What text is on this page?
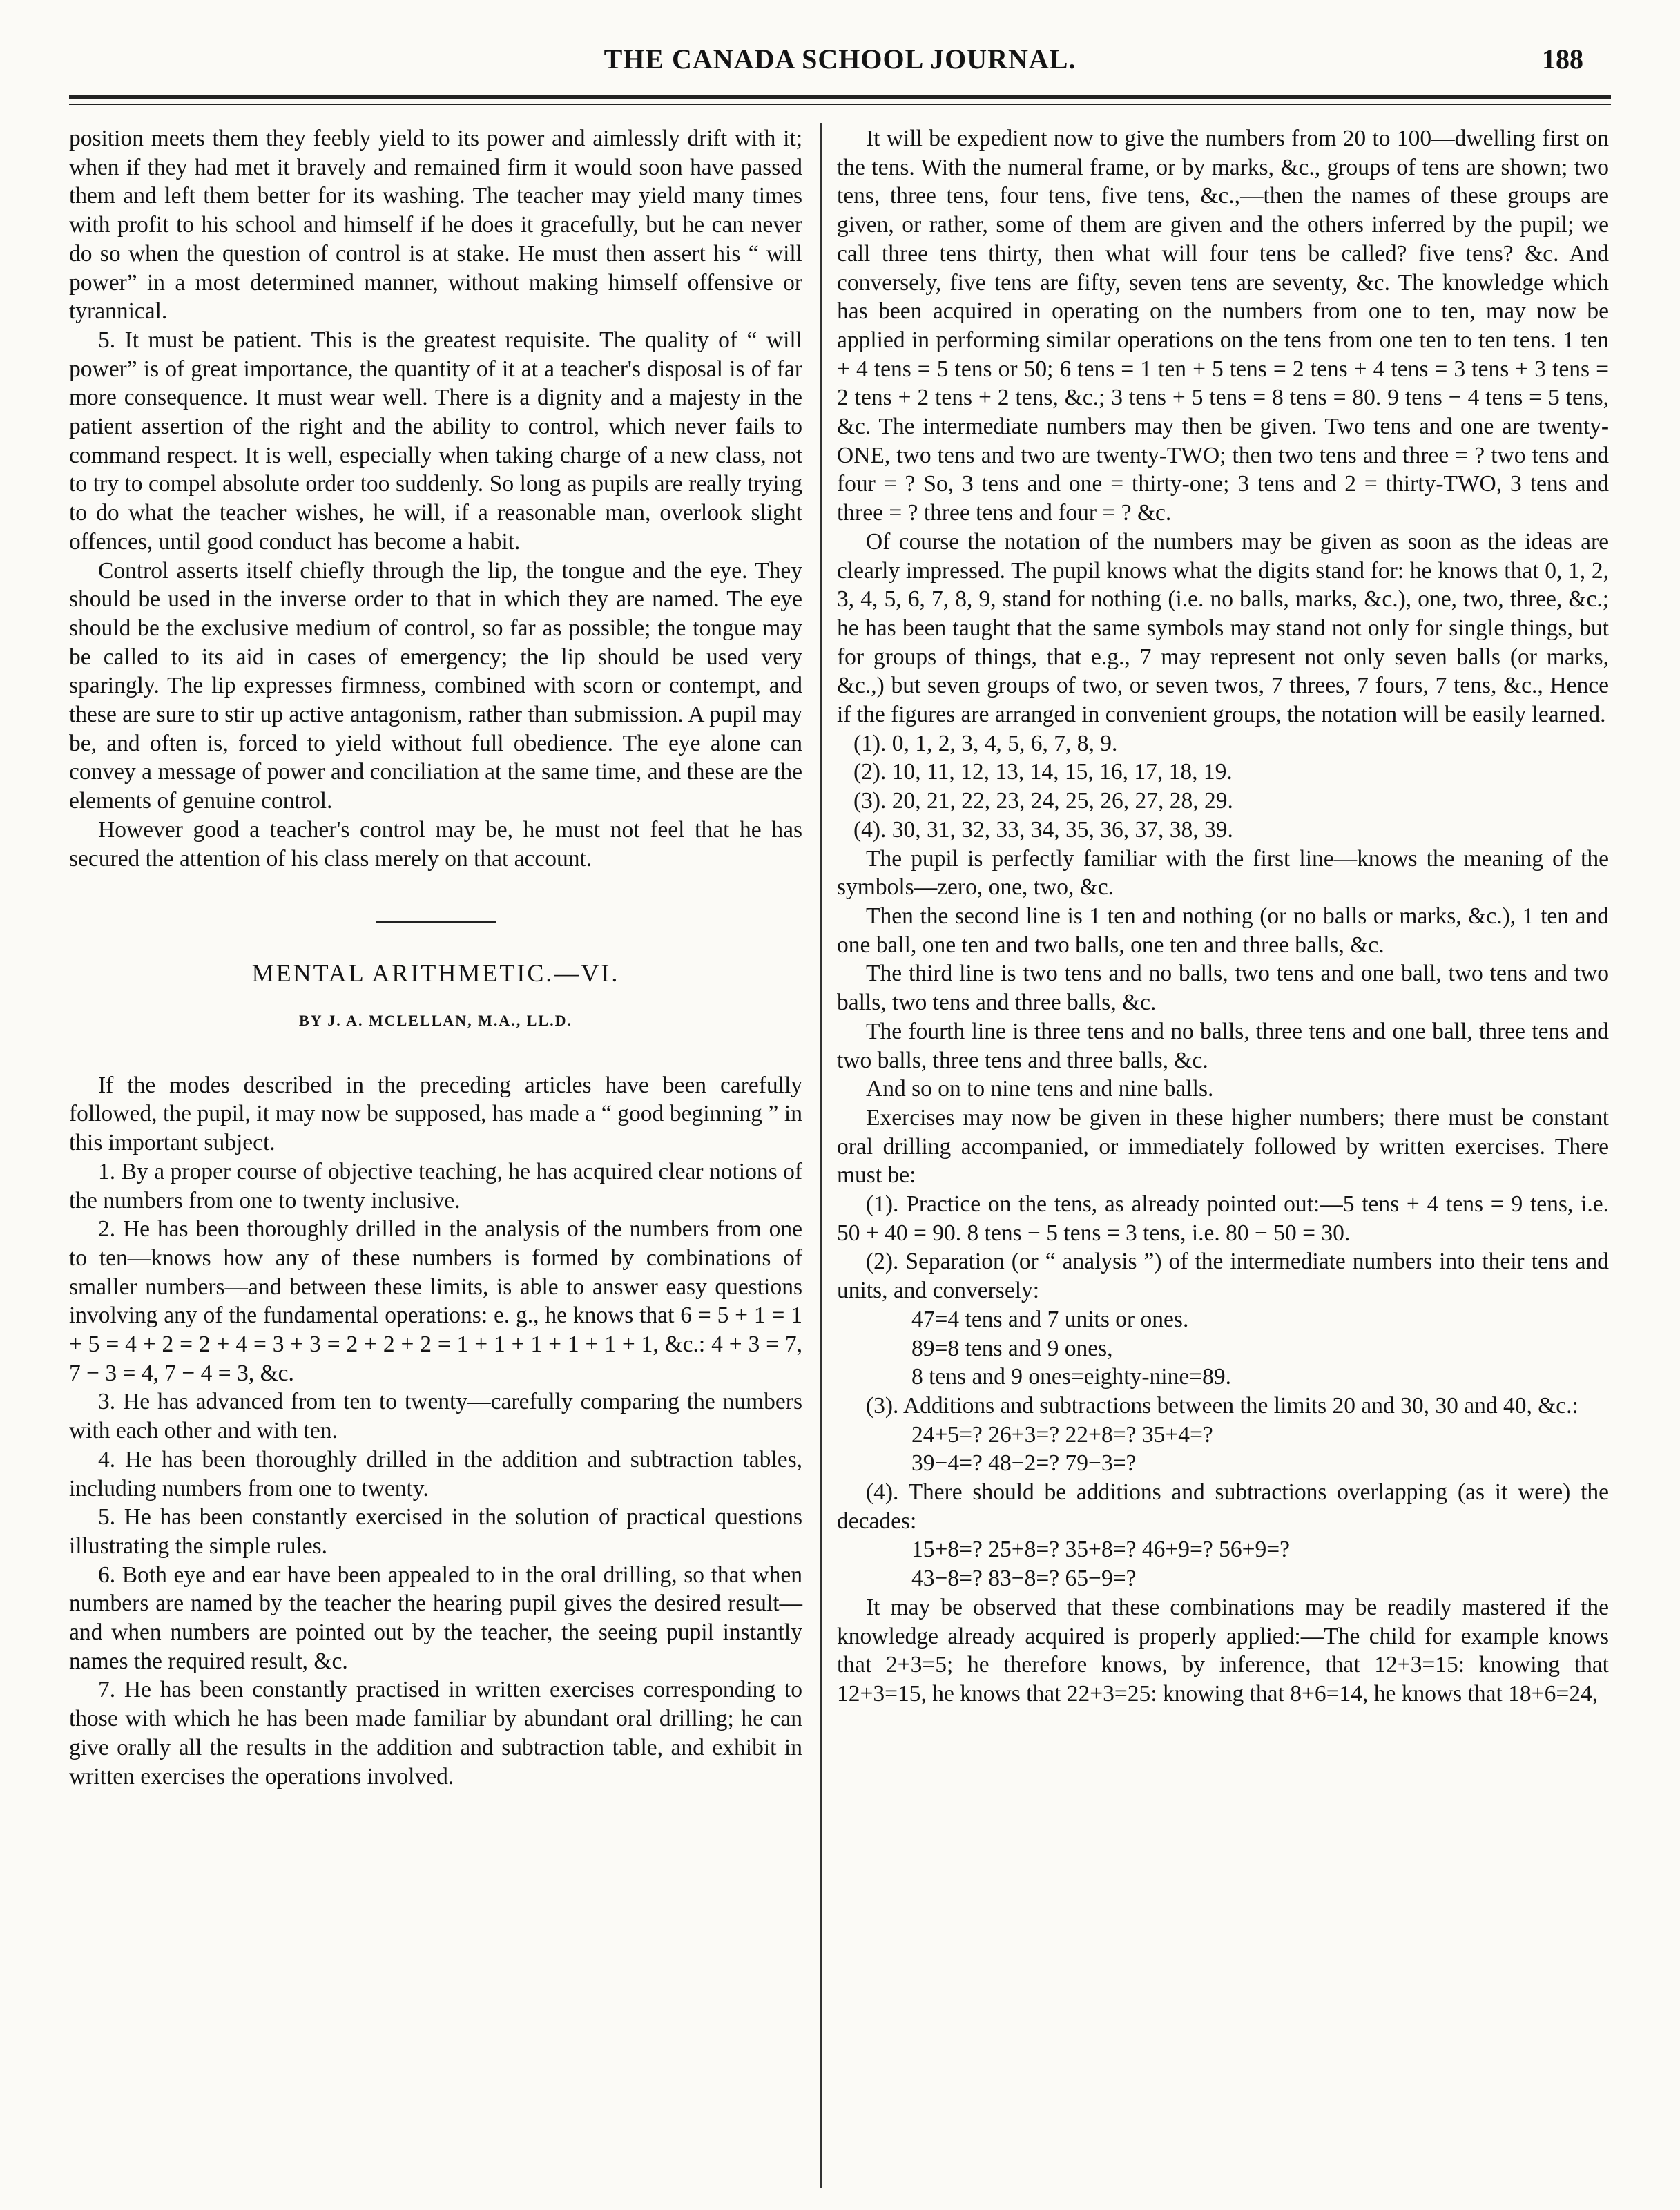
THE CANADA SCHOOL JOURNAL.	188

position meets them they feebly yield to its power and aimlessly drift with it; when if they had met it bravely and remained firm it would soon have passed them and left them better for its washing. The teacher may yield many times with profit to his school and himself if he does it gracefully, but he can never do so when the question of control is at stake. He must then assert his “ will power” in a most determined manner, without making himself offensive or tyrannical.

5. It must be patient. This is the greatest requisite. The quality of “ will power” is of great importance, the quantity of it at a teacher's disposal is of far more consequence. It must wear well. There is a dignity and a majesty in the patient assertion of the right and the ability to control, which never fails to command respect. It is well, especially when taking charge of a new class, not to try to compel absolute order too suddenly. So long as pupils are really trying to do what the teacher wishes, he will, if a reasonable man, overlook slight offences, until good conduct has become a habit.

Control asserts itself chiefly through the lip, the tongue and the eye. They should be used in the inverse order to that in which they are named. The eye should be the exclusive medium of control, so far as possible; the tongue may be called to its aid in cases of emergency; the lip should be used very sparingly. The lip expresses firmness, combined with scorn or contempt, and these are sure to stir up active antagonism, rather than submission. A pupil may be, and often is, forced to yield without full obedience. The eye alone can convey a message of power and conciliation at the same time, and these are the elements of genuine control.

However good a teacher's control may be, he must not feel that he has secured the attention of his class merely on that account.

MENTAL ARITHMETIC.—VI.
BY J. A. MCLELLAN, M.A., LL.D.

If the modes described in the preceding articles have been carefully followed, the pupil, it may now be supposed, has made a “ good beginning ” in this important subject.

1. By a proper course of objective teaching, he has acquired clear notions of the numbers from one to twenty inclusive.

2. He has been thoroughly drilled in the analysis of the numbers from one to ten—knows how any of these numbers is formed by combinations of smaller numbers—and between these limits, is able to answer easy questions involving any of the fundamental operations: e. g., he knows that 6 = 5 + 1 = 1 + 5 = 4 + 2 = 2 + 4 = 3 + 3 = 2 + 2 + 2 = 1 + 1 + 1 + 1 + 1 + 1, &c.: 4 + 3 = 7, 7 − 3 = 4, 7 − 4 = 3, &c.

3. He has advanced from ten to twenty—carefully comparing the numbers with each other and with ten.

4. He has been thoroughly drilled in the addition and subtraction tables, including numbers from one to twenty.

5. He has been constantly exercised in the solution of practical questions illustrating the simple rules.

6. Both eye and ear have been appealed to in the oral drilling, so that when numbers are named by the teacher the hearing pupil gives the desired result—and when numbers are pointed out by the teacher, the seeing pupil instantly names the required result, &c.

7. He has been constantly practised in written exercises corresponding to those with which he has been made familiar by abundant oral drilling; he can give orally all the results in the addition and subtraction table, and exhibit in written exercises the operations involved.

It will be expedient now to give the numbers from 20 to 100—dwelling first on the tens. With the numeral frame, or by marks, &c., groups of tens are shown; two tens, three tens, four tens, five tens, &c.,—then the names of these groups are given, or rather, some of them are given and the others inferred by the pupil; we call three tens thirty, then what will four tens be called? five tens? &c. And conversely, five tens are fifty, seven tens are seventy, &c. The knowledge which has been acquired in operating on the numbers from one to ten, may now be applied in performing similar operations on the tens from one ten to ten tens. 1 ten + 4 tens = 5 tens or 50; 6 tens = 1 ten + 5 tens = 2 tens + 4 tens = 3 tens + 3 tens = 2 tens + 2 tens + 2 tens, &c.; 3 tens + 5 tens = 8 tens = 80. 9 tens − 4 tens = 5 tens, &c. The intermediate numbers may then be given. Two tens and one are twenty-ONE, two tens and two are twenty-TWO; then two tens and three = ? two tens and four = ? So, 3 tens and one = thirty-one; 3 tens and 2 = thirty-TWO, 3 tens and three = ? three tens and four = ? &c.

Of course the notation of the numbers may be given as soon as the ideas are clearly impressed. The pupil knows what the digits stand for: he knows that 0, 1, 2, 3, 4, 5, 6, 7, 8, 9, stand for nothing (i.e. no balls, marks, &c.), one, two, three, &c.; he has been taught that the same symbols may stand not only for single things, but for groups of things, that e.g., 7 may represent not only seven balls (or marks, &c.,) but seven groups of two, or seven twos, 7 threes, 7 fours, 7 tens, &c., Hence if the figures are arranged in convenient groups, the notation will be easily learned.

(1). 0, 1, 2, 3, 4, 5, 6, 7, 8, 9.

(2). 10, 11, 12, 13, 14, 15, 16, 17, 18, 19.

(3). 20, 21, 22, 23, 24, 25, 26, 27, 28, 29.

(4). 30, 31, 32, 33, 34, 35, 36, 37, 38, 39.

The pupil is perfectly familiar with the first line—knows the meaning of the symbols—zero, one, two, &c.

Then the second line is 1 ten and nothing (or no balls or marks, &c.), 1 ten and one ball, one ten and two balls, one ten and three balls, &c.

The third line is two tens and no balls, two tens and one ball, two tens and two balls, two tens and three balls, &c.

The fourth line is three tens and no balls, three tens and one ball, three tens and two balls, three tens and three balls, &c.

And so on to nine tens and nine balls.

Exercises may now be given in these higher numbers; there must be constant oral drilling accompanied, or immediately followed by written exercises. There must be:

(1). Practice on the tens, as already pointed out:—5 tens + 4 tens = 9 tens, i.e. 50 + 40 = 90. 8 tens − 5 tens = 3 tens, i.e. 80 − 50 = 30.

(2). Separation (or “ analysis ”) of the intermediate numbers into their tens and units, and conversely:

47=4 tens and 7 units or ones.

89=8 tens and 9 ones,

8 tens and 9 ones=eighty-nine=89.

(3). Additions and subtractions between the limits 20 and 30, 30 and 40, &c.:

24+5=? 26+3=? 22+8=? 35+4=?

39−4=? 48−2=? 79−3=?

(4). There should be additions and subtractions overlapping (as it were) the decades:

15+8=? 25+8=? 35+8=? 46+9=? 56+9=?

43−8=? 83−8=? 65−9=?

It may be observed that these combinations may be readily mastered if the knowledge already acquired is properly applied:—The child for example knows that 2+3=5; he therefore knows, by inference, that 12+3=15: knowing that 12+3=15, he knows that 22+3=25: knowing that 8+6=14, he knows that 18+6=24,
